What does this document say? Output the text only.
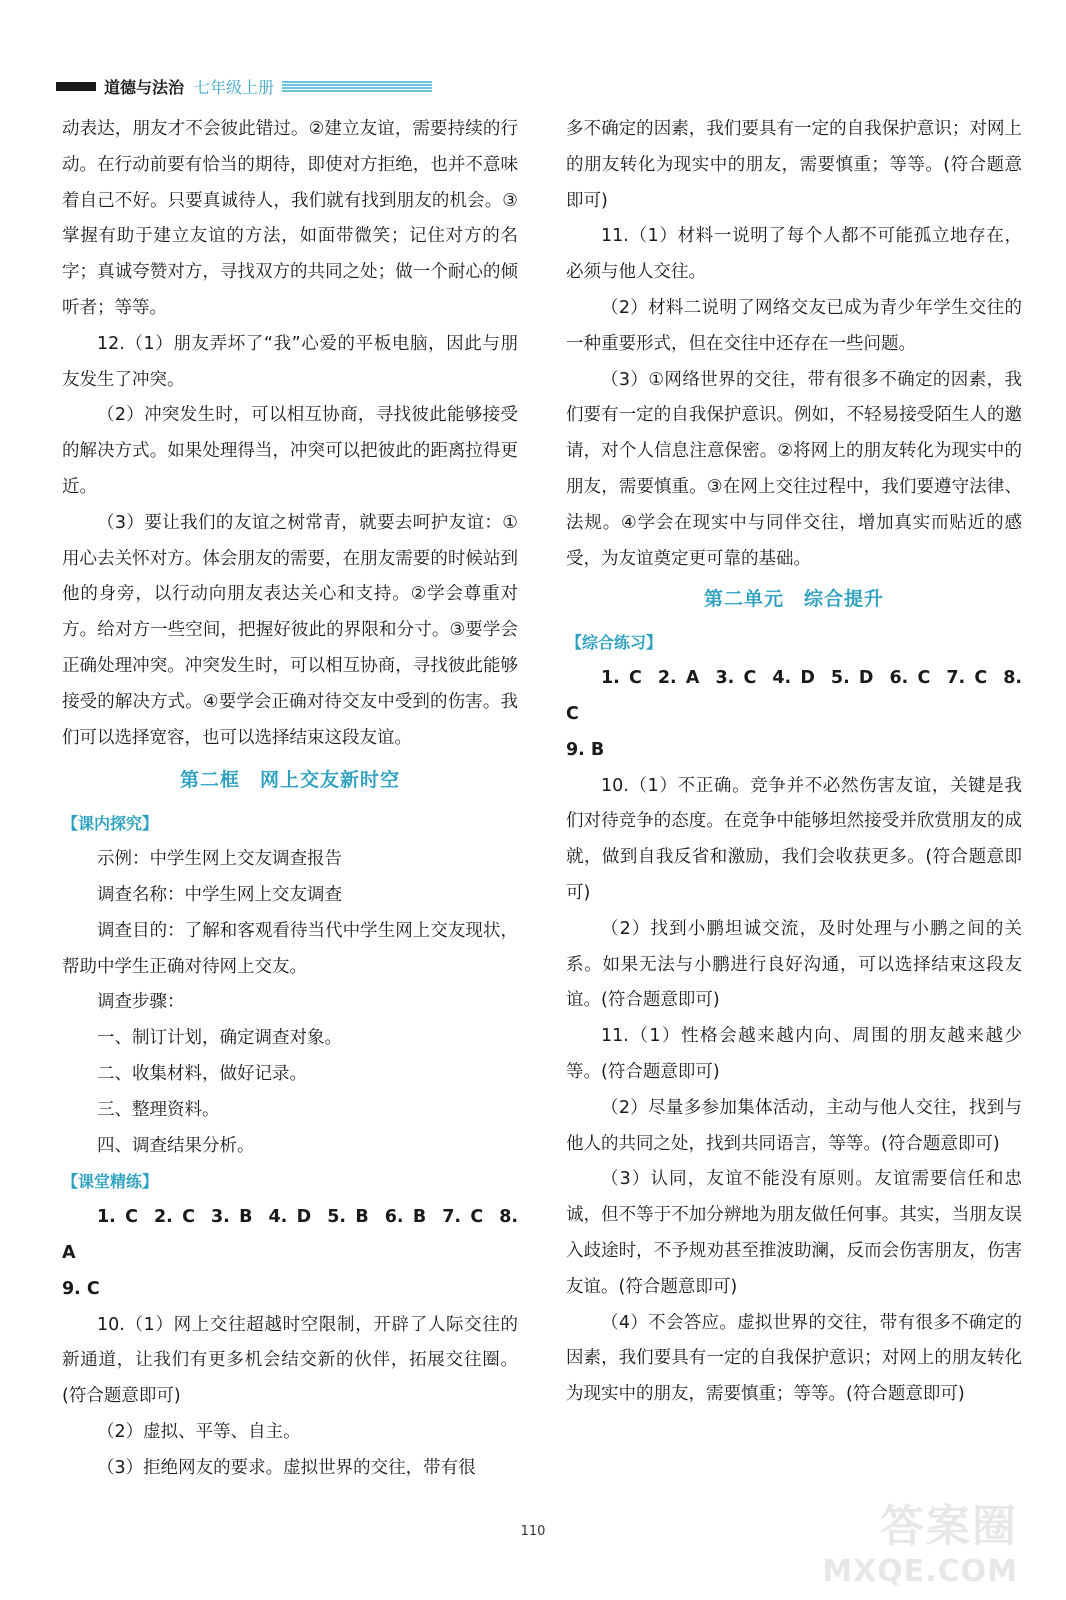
道德与法治 七年级上册

动表达，朋友才不会彼此错过。②建立友谊，需要持续的行动。在行动前要有恰当的期待，即使对方拒绝，也并不意味着自己不好。只要真诚待人，我们就有找到朋友的机会。③掌握有助于建立友谊的方法，如面带微笑；记住对方的名字；真诚夸赞对方，寻找双方的共同之处；做一个耐心的倾听者；等等。

12.（1）朋友弄坏了“我”心爱的平板电脑，因此与朋友发生了冲突。

（2）冲突发生时，可以相互协商，寻找彼此能够接受的解决方式。如果处理得当，冲突可以把彼此的距离拉得更近。

（3）要让我们的友谊之树常青，就要去呵护友谊：①用心去关怀对方。体会朋友的需要，在朋友需要的时候站到他的身旁，以行动向朋友表达关心和支持。②学会尊重对方。给对方一些空间，把握好彼此的界限和分寸。③要学会正确处理冲突。冲突发生时，可以相互协商，寻找彼此能够接受的解决方式。④要学会正确对待交友中受到的伤害。我们可以选择宽容，也可以选择结束这段友谊。

第二框　网上交友新时空

【课内探究】

示例：中学生网上交友调查报告

调查名称：中学生网上交友调查

调查目的：了解和客观看待当代中学生网上交友现状，帮助中学生正确对待网上交友。

调查步骤：

一、制订计划，确定调查对象。

二、收集材料，做好记录。

三、整理资料。

四、调查结果分析。

【课堂精练】

1. C 2. C 3. B 4. D 5. B 6. B 7. C 8. A

9. C

10.（1）网上交往超越时空限制，开辟了人际交往的新通道，让我们有更多机会结交新的伙伴，拓展交往圈。(符合题意即可)

（2）虚拟、平等、自主。

（3）拒绝网友的要求。虚拟世界的交往，带有很

多不确定的因素，我们要具有一定的自我保护意识；对网上的朋友转化为现实中的朋友，需要慎重；等等。(符合题意即可)

11.（1）材料一说明了每个人都不可能孤立地存在，必须与他人交往。

（2）材料二说明了网络交友已成为青少年学生交往的一种重要形式，但在交往中还存在一些问题。

（3）①网络世界的交往，带有很多不确定的因素，我们要有一定的自我保护意识。例如，不轻易接受陌生人的邀请，对个人信息注意保密。②将网上的朋友转化为现实中的朋友，需要慎重。③在网上交往过程中，我们要遵守法律、法规。④学会在现实中与同伴交往，增加真实而贴近的感受，为友谊奠定更可靠的基础。

第二单元　综合提升

【综合练习】

1. C 2. A 3. C 4. D 5. D 6. C 7. C 8. C

9. B

10.（1）不正确。竞争并不必然伤害友谊，关键是我们对待竞争的态度。在竞争中能够坦然接受并欣赏朋友的成就，做到自我反省和激励，我们会收获更多。(符合题意即可)

（2）找到小鹏坦诚交流，及时处理与小鹏之间的关系。如果无法与小鹏进行良好沟通，可以选择结束这段友谊。(符合题意即可)

11.（1）性格会越来越内向、周围的朋友越来越少等。(符合题意即可)

（2）尽量多参加集体活动，主动与他人交往，找到与他人的共同之处，找到共同语言，等等。(符合题意即可)

（3）认同，友谊不能没有原则。友谊需要信任和忠诚，但不等于不加分辨地为朋友做任何事。其实，当朋友误入歧途时，不予规劝甚至推波助澜，反而会伤害朋友，伤害友谊。(符合题意即可)

（4）不会答应。虚拟世界的交往，带有很多不确定的因素，我们要具有一定的自我保护意识；对网上的朋友转化为现实中的朋友，需要慎重；等等。(符合题意即可)

110	答案圈
MXQE.COM
